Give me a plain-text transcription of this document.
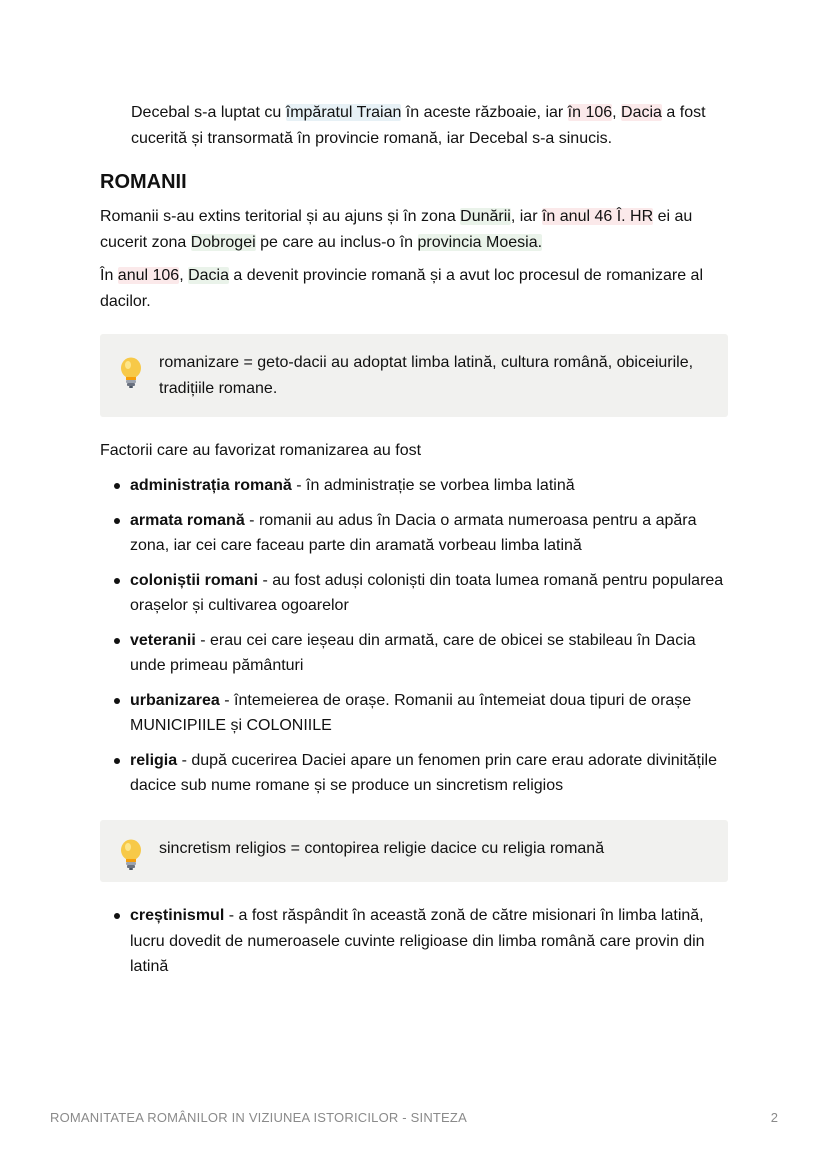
Decebal s-a luptat cu împăratul Traian în aceste războaie, iar în 106, Dacia a fost cucerită și transormată în provincie romană, iar Decebal s-a sinucis.

ROMANII

Romanii s-au extins teritorial și au ajuns și în zona Dunării, iar în anul 46 Î. HR ei au cucerit zona Dobrogei pe care au inclus-o în provincia Moesia.

În anul 106, Dacia a devenit provincie romană și a avut loc procesul de romanizare al dacilor.

romanizare = geto-dacii au adoptat limba latină, cultura română, obiceiurile, tradițiile romane.

Factorii care au favorizat romanizarea au fost

administrația romană - în administrație se vorbea limba latină
armata romană - romanii au adus în Dacia o armata numeroasa pentru a apăra zona, iar cei care faceau parte din aramată vorbeau limba latină
coloniștii romani - au fost aduși coloniști din toata lumea romană pentru popularea orașelor și cultivarea ogoarelor
veteranii - erau cei care ieșeau din armată, care de obicei se stabileau în Dacia unde primeau pământuri
urbanizarea - întemeierea de orașe. Romanii au întemeiat doua tipuri de orașe MUNICIPIILE și COLONIILE
religia - după cucerirea Daciei apare un fenomen prin care erau adorate divinitățile dacice sub nume romane și se produce un sincretism religios

sincretism religios = contopirea religie dacice cu religia romană

creștinismul - a fost răspândit în această zonă de către misionari în limba latină, lucru dovedit de numeroasele cuvinte religioase din limba română care provin din latină
ROMANITATEA ROMÂNILOR IN VIZIUNEA ISTORICILOR - SINTEZA	2
